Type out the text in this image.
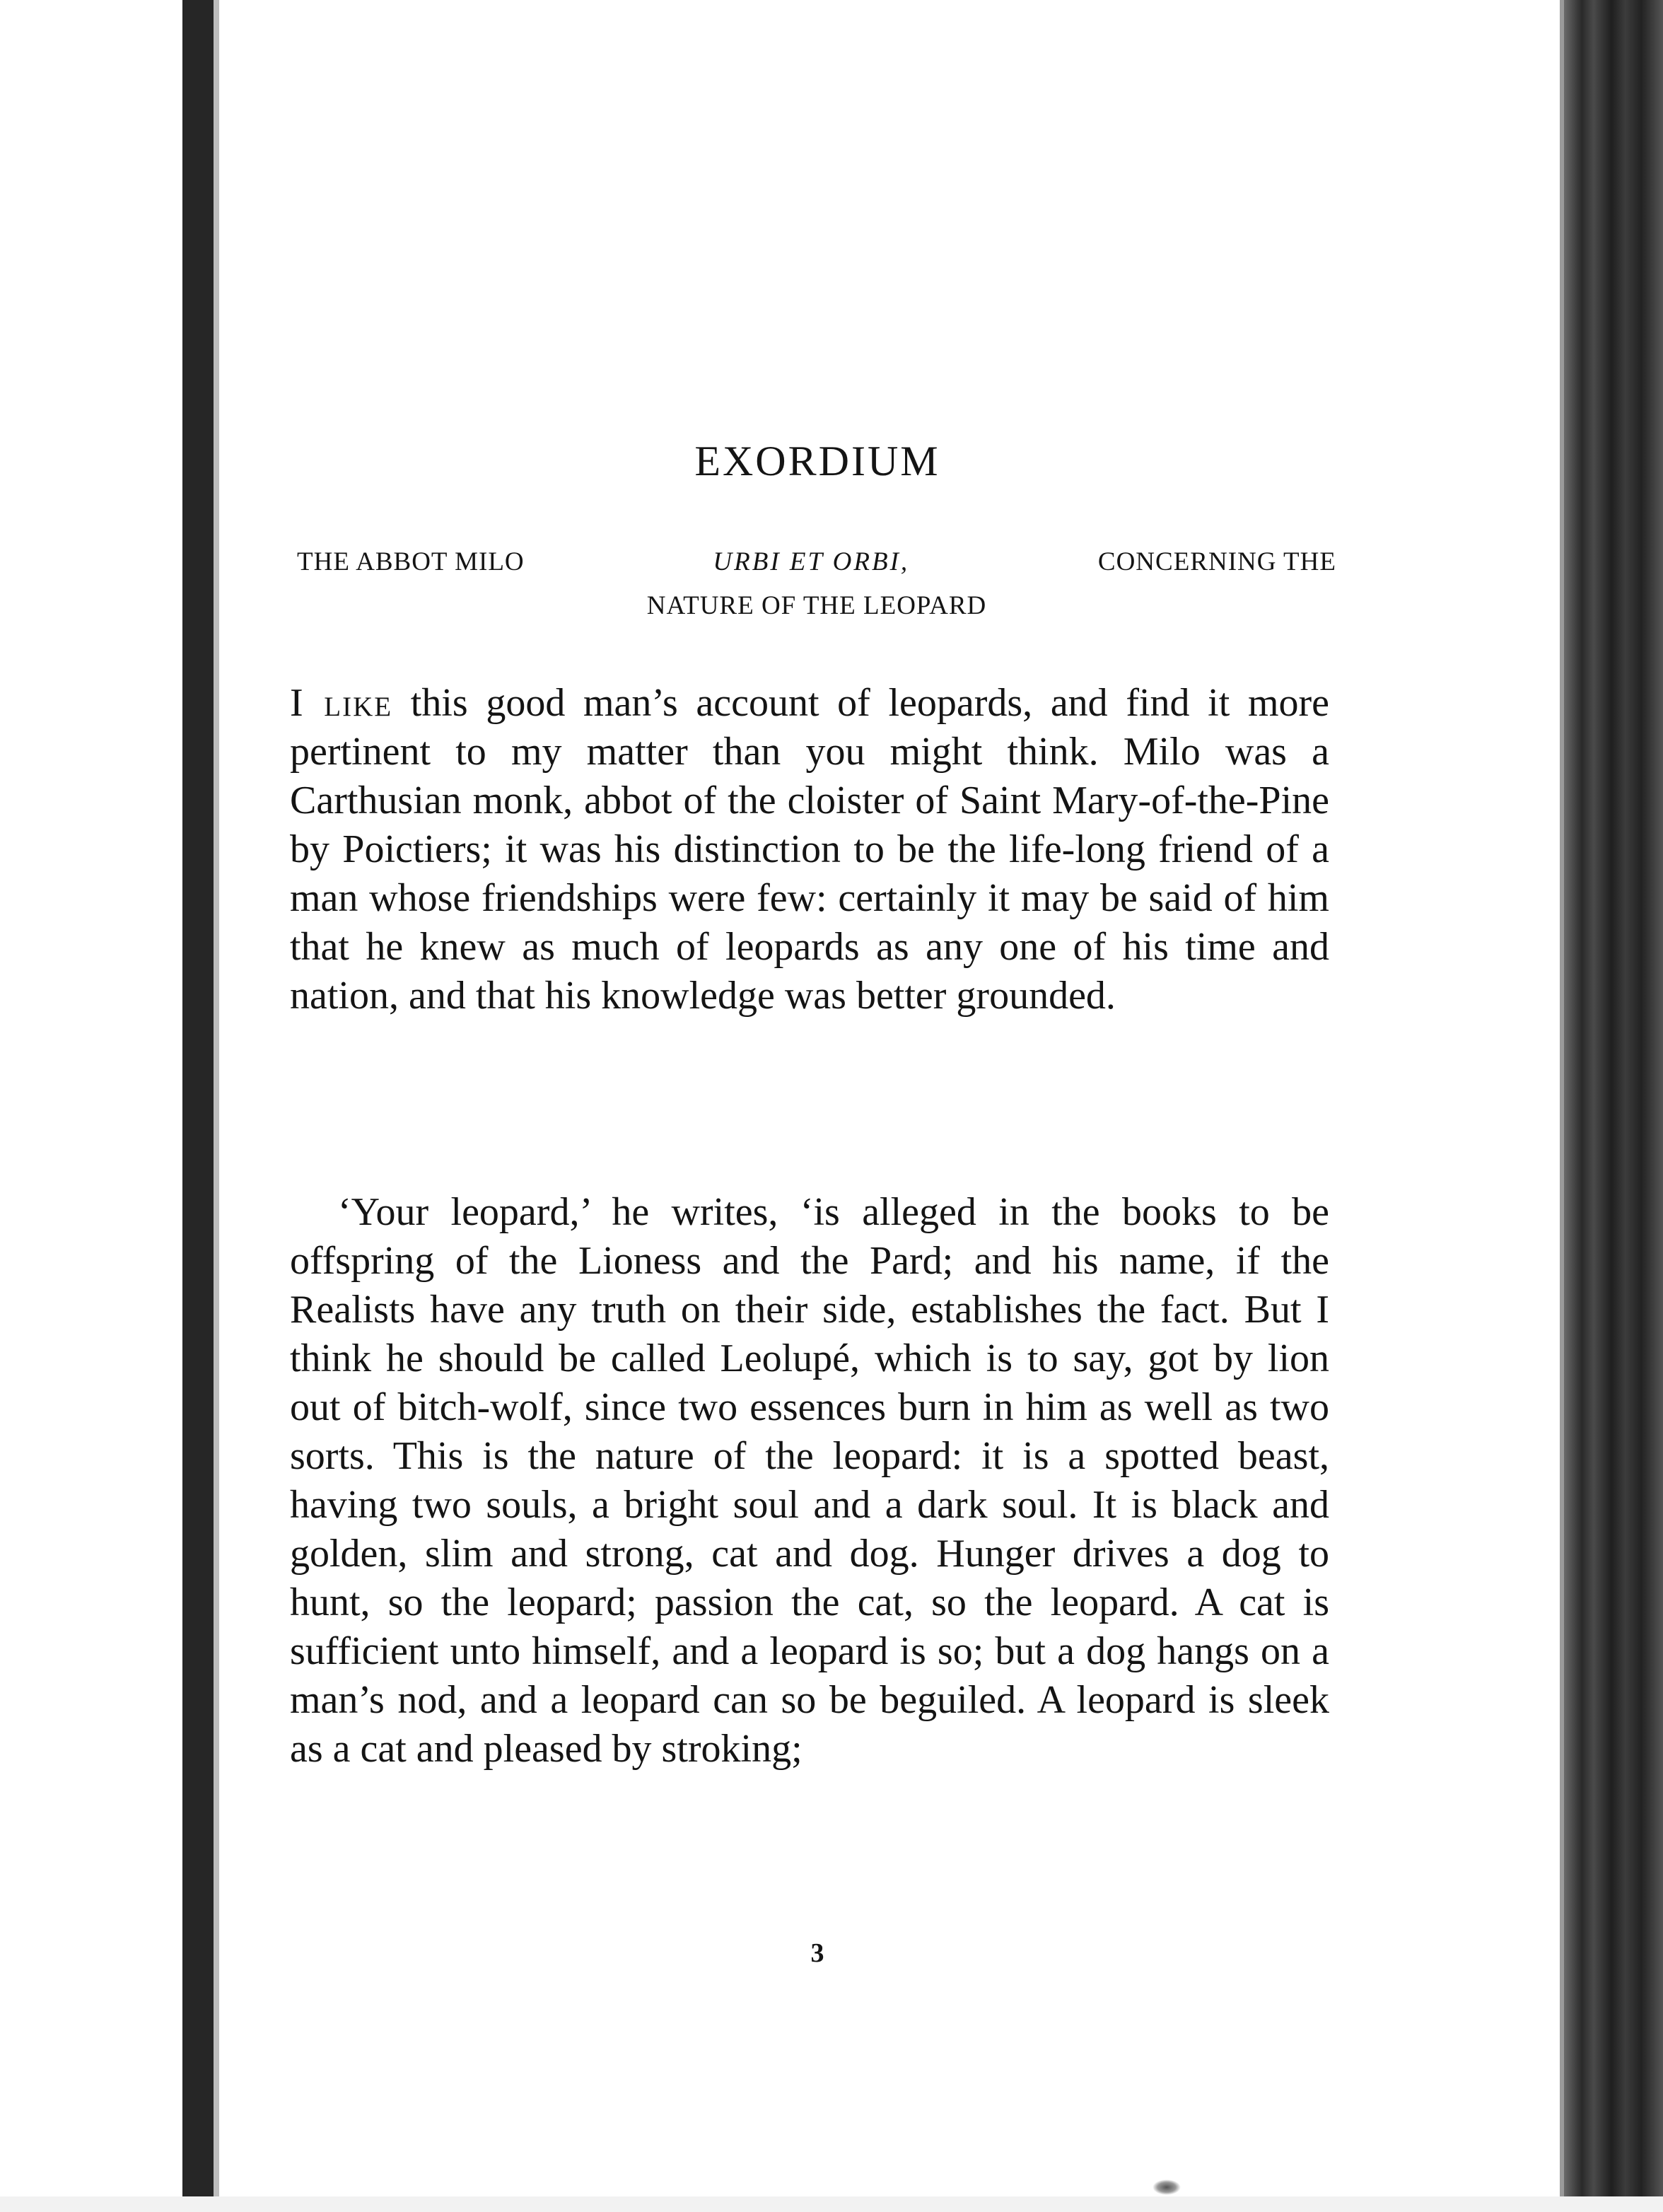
EXORDIUM
THE ABBOT MILO	URBI ET ORBI,	CONCERNING THE
NATURE OF THE LEOPARD

I like this good man’s account of leopards, and find it more pertinent to my matter than you might think. Milo was a Carthusian monk, abbot of the cloister of Saint Mary-of-the-Pine by Poictiers; it was his distinction to be the life-long friend of a man whose friendships were few: certainly it may be said of him that he knew as much of leopards as any one of his time and nation, and that his knowledge was better grounded.

‘Your leopard,’ he writes, ‘is alleged in the books to be offspring of the Lioness and the Pard; and his name, if the Realists have any truth on their side, establishes the fact. But I think he should be called Leolupé, which is to say, got by lion out of bitch-wolf, since two essences burn in him as well as two sorts. This is the nature of the leopard: it is a spotted beast, having two souls, a bright soul and a dark soul. It is black and golden, slim and strong, cat and dog. Hunger drives a dog to hunt, so the leopard; passion the cat, so the leopard. A cat is sufficient unto himself, and a leopard is so; but a dog hangs on a man’s nod, and a leopard can so be beguiled. A leopard is sleek as a cat and pleased by stroking;

3
